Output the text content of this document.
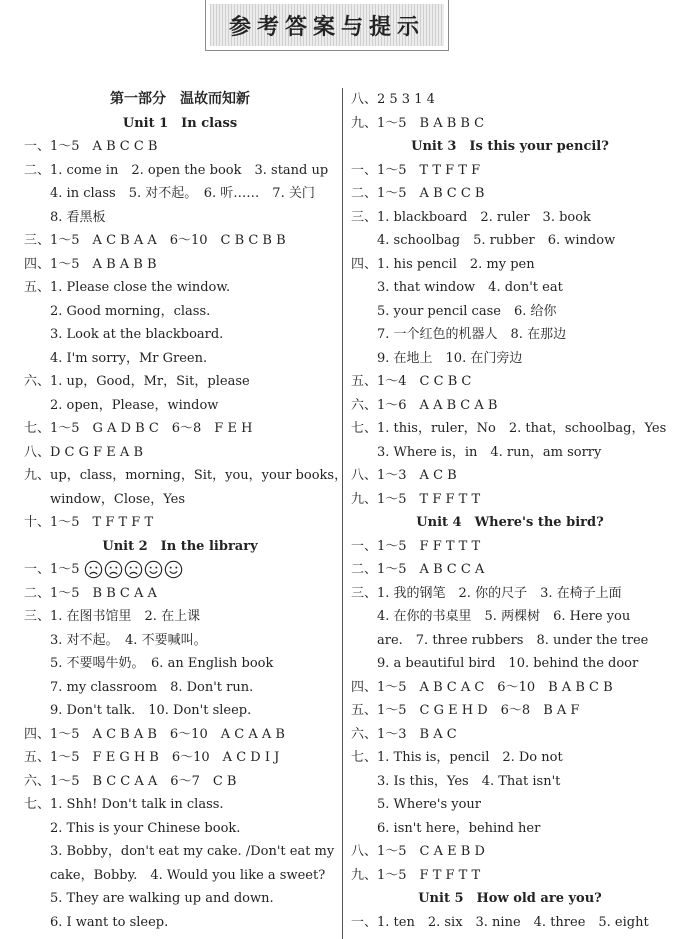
参考答案与提示
第一部分　温故而知新
Unit 1　In class
一、1～5　A B C C B
二、1. come in　2. open the book　3. stand up
4. in class　5. 对不起。　6. 听……　7. 关门
8. 看黑板
三、1～5　A C B A A　6～10　C B C B B
四、1～5　A B A B B
五、1. Please close the window.
2. Good morning，class.
3. Look at the blackboard.
4. I'm sorry，Mr Green.
六、1. up，Good，Mr，Sit，please
2. open，Please，window
七、1～5　G A D B C　6～8　F E H
八、D C G F E A B
九、up，class，morning，Sit，you，your books，
window，Close，Yes
十、1～5　T F T F T
Unit 2　In the library
一、1～5
二、1～5　B B C A A
三、1. 在图书馆里　2. 在上课
3. 对不起。　4. 不要喊叫。
5. 不要喝牛奶。　6. an English book
7. my classroom　8. Don't run.
9. Don't talk.　10. Don't sleep.
四、1～5　A C B A B　6～10　A C A A B
五、1～5　F E G H B　6～10　A C D I J
六、1～5　B C C A A　6～7　C B
七、1. Shh! Don't talk in class.
2. This is your Chinese book.
3. Bobby，don't eat my cake. /Don't eat my
cake，Bobby.　4. Would you like a sweet?
5. They are walking up and down.
6. I want to sleep.
八、2 5 3 1 4
九、1～5　B A B B C
Unit 3　Is this your pencil?
一、1～5　T T F T F
二、1～5　A B C C B
三、1. blackboard　2. ruler　3. book
4. schoolbag　5. rubber　6. window
四、1. his pencil　2. my pen
3. that window　4. don't eat
5. your pencil case　6. 给你
7. 一个红色的机器人　8. 在那边
9. 在地上　10. 在门旁边
五、1～4　C C B C
六、1～6　A A B C A B
七、1. this，ruler，No　2. that，schoolbag，Yes
3. Where is，in　4. run，am sorry
八、1～3　A C B
九、1～5　T F F T T
Unit 4　Where's the bird?
一、1～5　F F T T T
二、1～5　A B C C A
三、1. 我的钢笔　2. 你的尺子　3. 在椅子上面
4. 在你的书桌里　5. 两棵树　6. Here you
are.　7. three rubbers　8. under the tree
9. a beautiful bird　10. behind the door
四、1～5　A B C A C　6～10　B A B C B
五、1～5　C G E H D　6～8　B A F
六、1～3　B A C
七、1. This is，pencil　2. Do not
3. Is this，Yes　4. That isn't
5. Where's your
6. isn't here，behind her
八、1～5　C A E B D
九、1～5　F T F T T
Unit 5　How old are you?
一、1. ten　2. six　3. nine　4. three　5. eight
